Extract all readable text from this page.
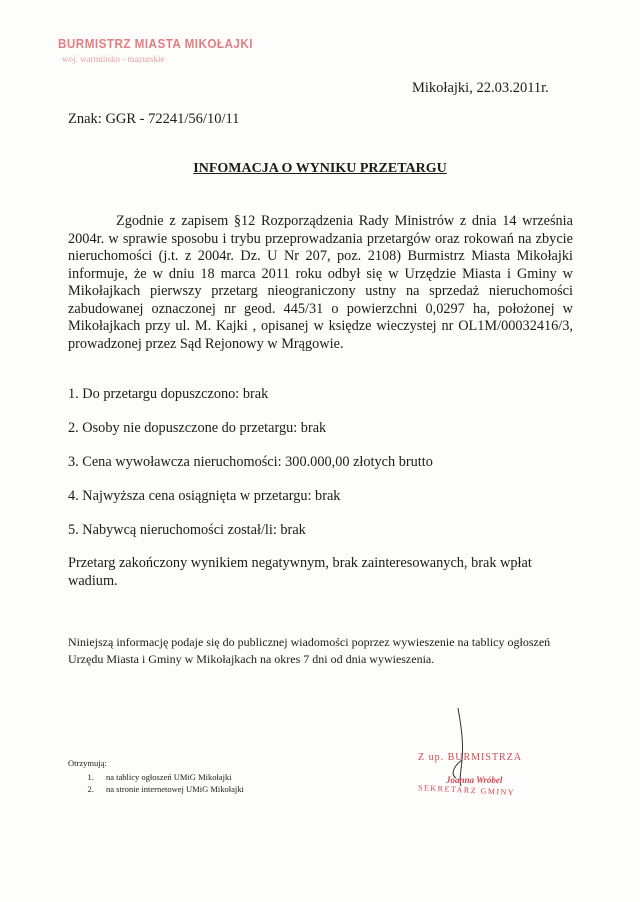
BURMISTRZ MIASTA MIKOŁAJKI
woj. warmińsko - mazurskie
Mikołajki, 22.03.2011r.
Znak: GGR - 72241/56/10/11
INFOMACJA O WYNIKU PRZETARGU
Zgodnie z zapisem §12 Rozporządzenia Rady Ministrów z dnia 14 września 2004r. w sprawie sposobu i trybu przeprowadzania przetargów oraz rokowań na zbycie nieruchomości (j.t. z 2004r. Dz. U Nr 207, poz. 2108) Burmistrz Miasta Mikołajki informuje, że w dniu 18 marca 2011 roku odbył się w Urzędzie Miasta i Gminy w Mikołajkach pierwszy przetarg nieograniczony ustny na sprzedaż nieruchomości zabudowanej oznaczonej nr geod. 445/31 o powierzchni 0,0297 ha, położonej w Mikołajkach przy ul. M. Kajki , opisanej w księdze wieczystej nr OL1M/00032416/3, prowadzonej przez Sąd Rejonowy w Mrągowie.
1. Do przetargu dopuszczono: brak
2. Osoby nie dopuszczone do przetargu: brak
3. Cena wywoławcza nieruchomości: 300.000,00 złotych brutto
4. Najwyższa cena osiągnięta w przetargu: brak
5. Nabywcą nieruchomości został/li: brak
Przetarg zakończony wynikiem negatywnym, brak zainteresowanych, brak wpłat wadium.
Niniejszą informację podaje się do publicznej wiadomości poprzez wywieszenie na tablicy ogłoszeń Urzędu Miasta i Gminy w Mikołajkach na okres 7 dni od dnia wywieszenia.
Otrzymują:
1. na tablicy ogłoszeń UMiG Mikołajki
2. na stronie internetowej UMiG Mikołajki
Z up. BURMISTRZA
Joanna Wróbel
SEKRETARZ GMINY
